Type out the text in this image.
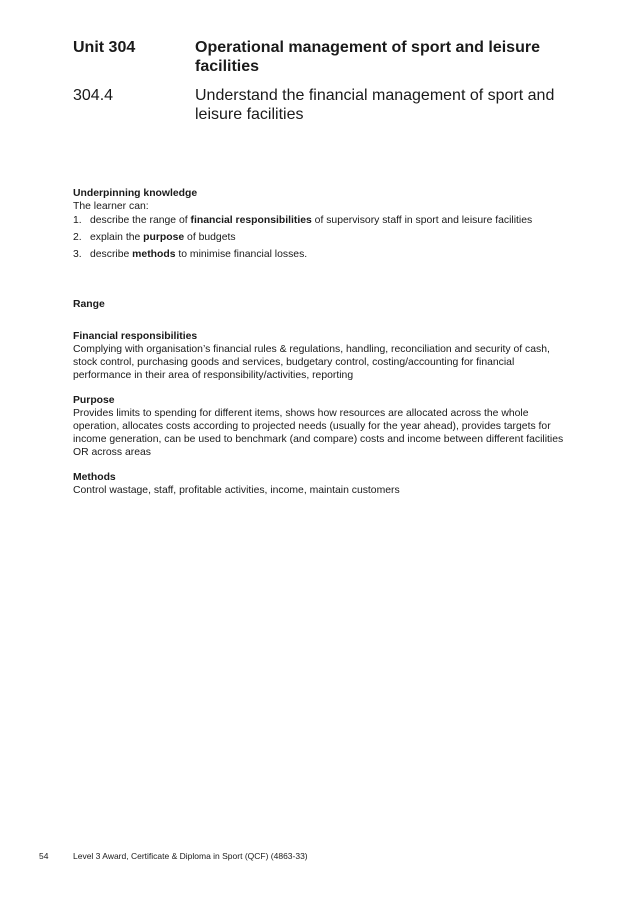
Unit 304	Operational management of sport and leisure facilities
304.4	Understand the financial management of sport and leisure facilities

Underpinning knowledge

The learner can:

1. describe the range of financial responsibilities of supervisory staff in sport and leisure facilities
2. explain the purpose of budgets
3. describe methods to minimise financial losses.

Range

Financial responsibilities

Complying with organisation’s financial rules & regulations, handling, reconciliation and security of cash, stock control, purchasing goods and services, budgetary control, costing/accounting for financial performance in their area of responsibility/activities, reporting

Purpose

Provides limits to spending for different items, shows how resources are allocated across the whole operation, allocates costs according to projected needs (usually for the year ahead), provides targets for income generation, can be used to benchmark (and compare) costs and income between different facilities OR across areas

Methods

Control wastage, staff, profitable activities, income, maintain customers

54	Level 3 Award, Certificate & Diploma in Sport (QCF) (4863-33)
